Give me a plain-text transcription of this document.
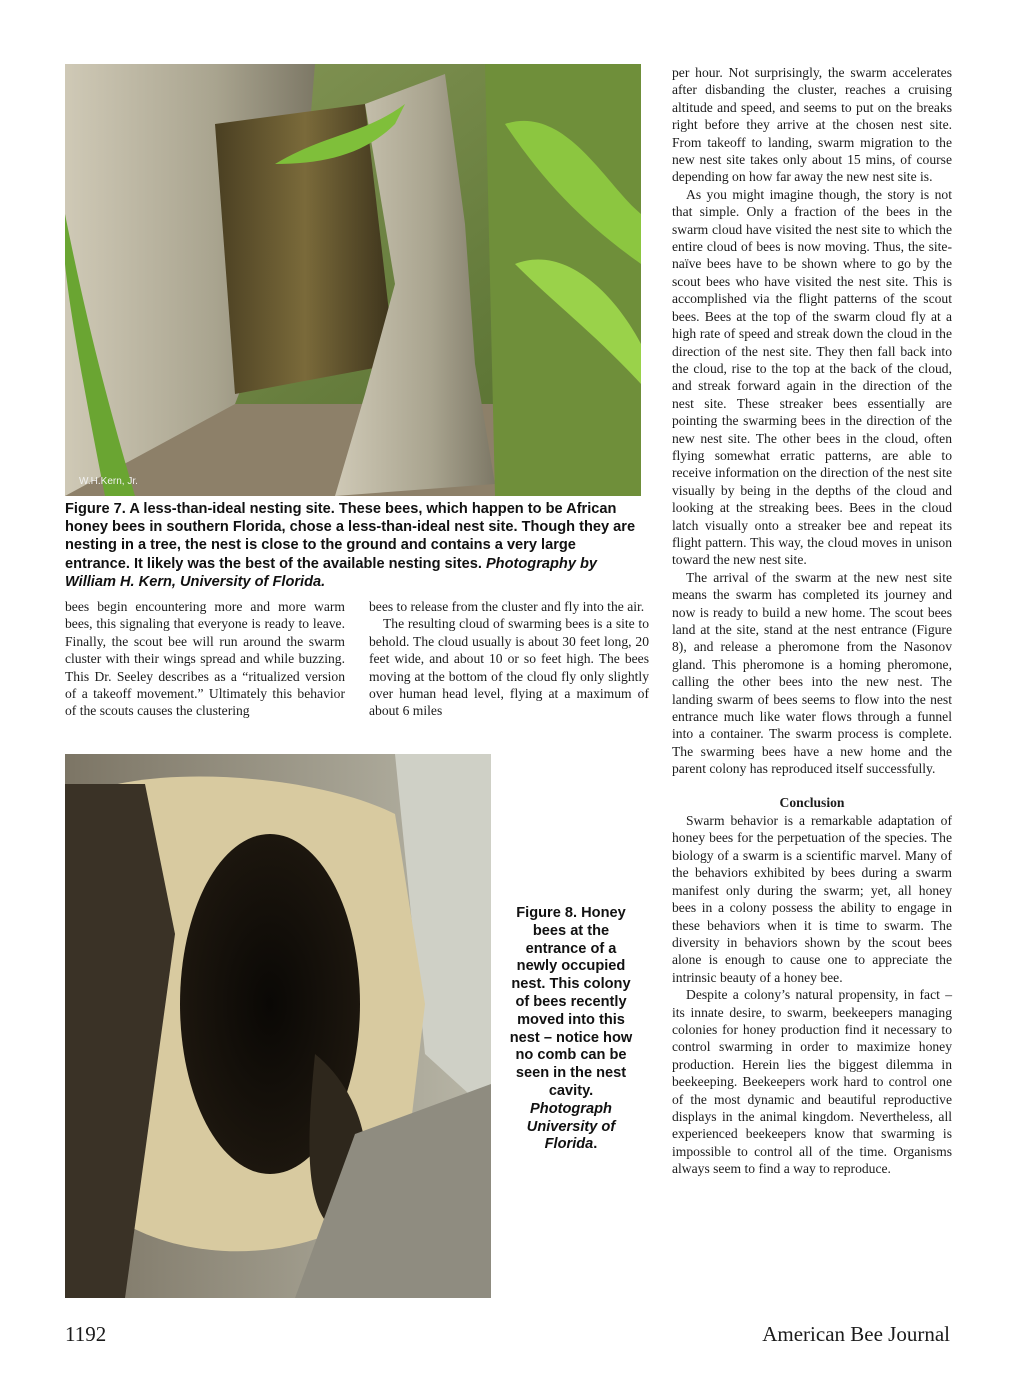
W.H.Kern, Jr.
Figure 7. A less-than-ideal nesting site. These bees, which happen to be African honey bees in southern Florida, chose a less-than-ideal nest site. Though they are nesting in a tree, the nest is close to the ground and contains a very large entrance. It likely was the best of the available nesting sites. Photography by William H. Kern, University of Florida.

bees begin encountering more and more warm bees, this signaling that everyone is ready to leave. Finally, the scout bee will run around the swarm cluster with their wings spread and while buzzing. This Dr. Seeley describes as a “ritualized version of a takeoff movement.” Ultimately this behavior of the scouts causes the clustering

bees to release from the cluster and fly into the air.

The resulting cloud of swarming bees is a site to behold. The cloud usually is about 30 feet long, 20 feet wide, and about 10 or so feet high. The bees moving at the bottom of the cloud fly only slightly over human head level, flying at a maximum of about 6 miles

per hour. Not surprisingly, the swarm accelerates after disbanding the cluster, reaches a cruising altitude and speed, and seems to put on the breaks right before they arrive at the chosen nest site. From takeoff to landing, swarm migration to the new nest site takes only about 15 mins, of course depending on how far away the new nest site is.

As you might imagine though, the story is not that simple. Only a fraction of the bees in the swarm cloud have visited the nest site to which the entire cloud of bees is now moving. Thus, the site-naïve bees have to be shown where to go by the scout bees who have visited the nest site. This is accomplished via the flight patterns of the scout bees. Bees at the top of the swarm cloud fly at a high rate of speed and streak down the cloud in the direction of the nest site. They then fall back into the cloud, rise to the top at the back of the cloud, and streak forward again in the direction of the nest site. These streaker bees essentially are pointing the swarming bees in the direction of the new nest site. The other bees in the cloud, often flying somewhat erratic patterns, are able to receive information on the direction of the nest site visually by being in the depths of the cloud and looking at the streaking bees. Bees in the cloud latch visually onto a streaker bee and repeat its flight pattern. This way, the cloud moves in unison toward the new nest site.

The arrival of the swarm at the new nest site means the swarm has completed its journey and now is ready to build a new home. The scout bees land at the site, stand at the nest entrance (Figure 8), and release a pheromone from the Nasonov gland. This pheromone is a homing pheromone, calling the other bees into the new nest. The landing swarm of bees seems to flow into the nest entrance much like water flows through a funnel into a container. The swarm process is complete. The swarming bees have a new home and the parent colony has reproduced itself successfully.

Conclusion

Swarm behavior is a remarkable adaptation of honey bees for the perpetuation of the species. The biology of a swarm is a scientific marvel. Many of the behaviors exhibited by bees during a swarm manifest only during the swarm; yet, all honey bees in a colony possess the ability to engage in these behaviors when it is time to swarm. The diversity in behaviors shown by the scout bees alone is enough to cause one to appreciate the intrinsic beauty of a honey bee.

Despite a colony’s natural propensity, in fact – its innate desire, to swarm, beekeepers managing colonies for honey production find it necessary to control swarming in order to maximize honey production. Herein lies the biggest dilemma in beekeeping. Beekeepers work hard to control one of the most dynamic and beautiful reproductive displays in the animal kingdom. Nevertheless, all experienced beekeepers know that swarming is impossible to control all of the time. Organisms always seem to find a way to reproduce.

Figure 8. Honey bees at the entrance of a newly occupied nest. This colony of bees recently moved into this nest – notice how no comb can be seen in the nest cavity. Photograph University of Florida.
1192	American Bee Journal
